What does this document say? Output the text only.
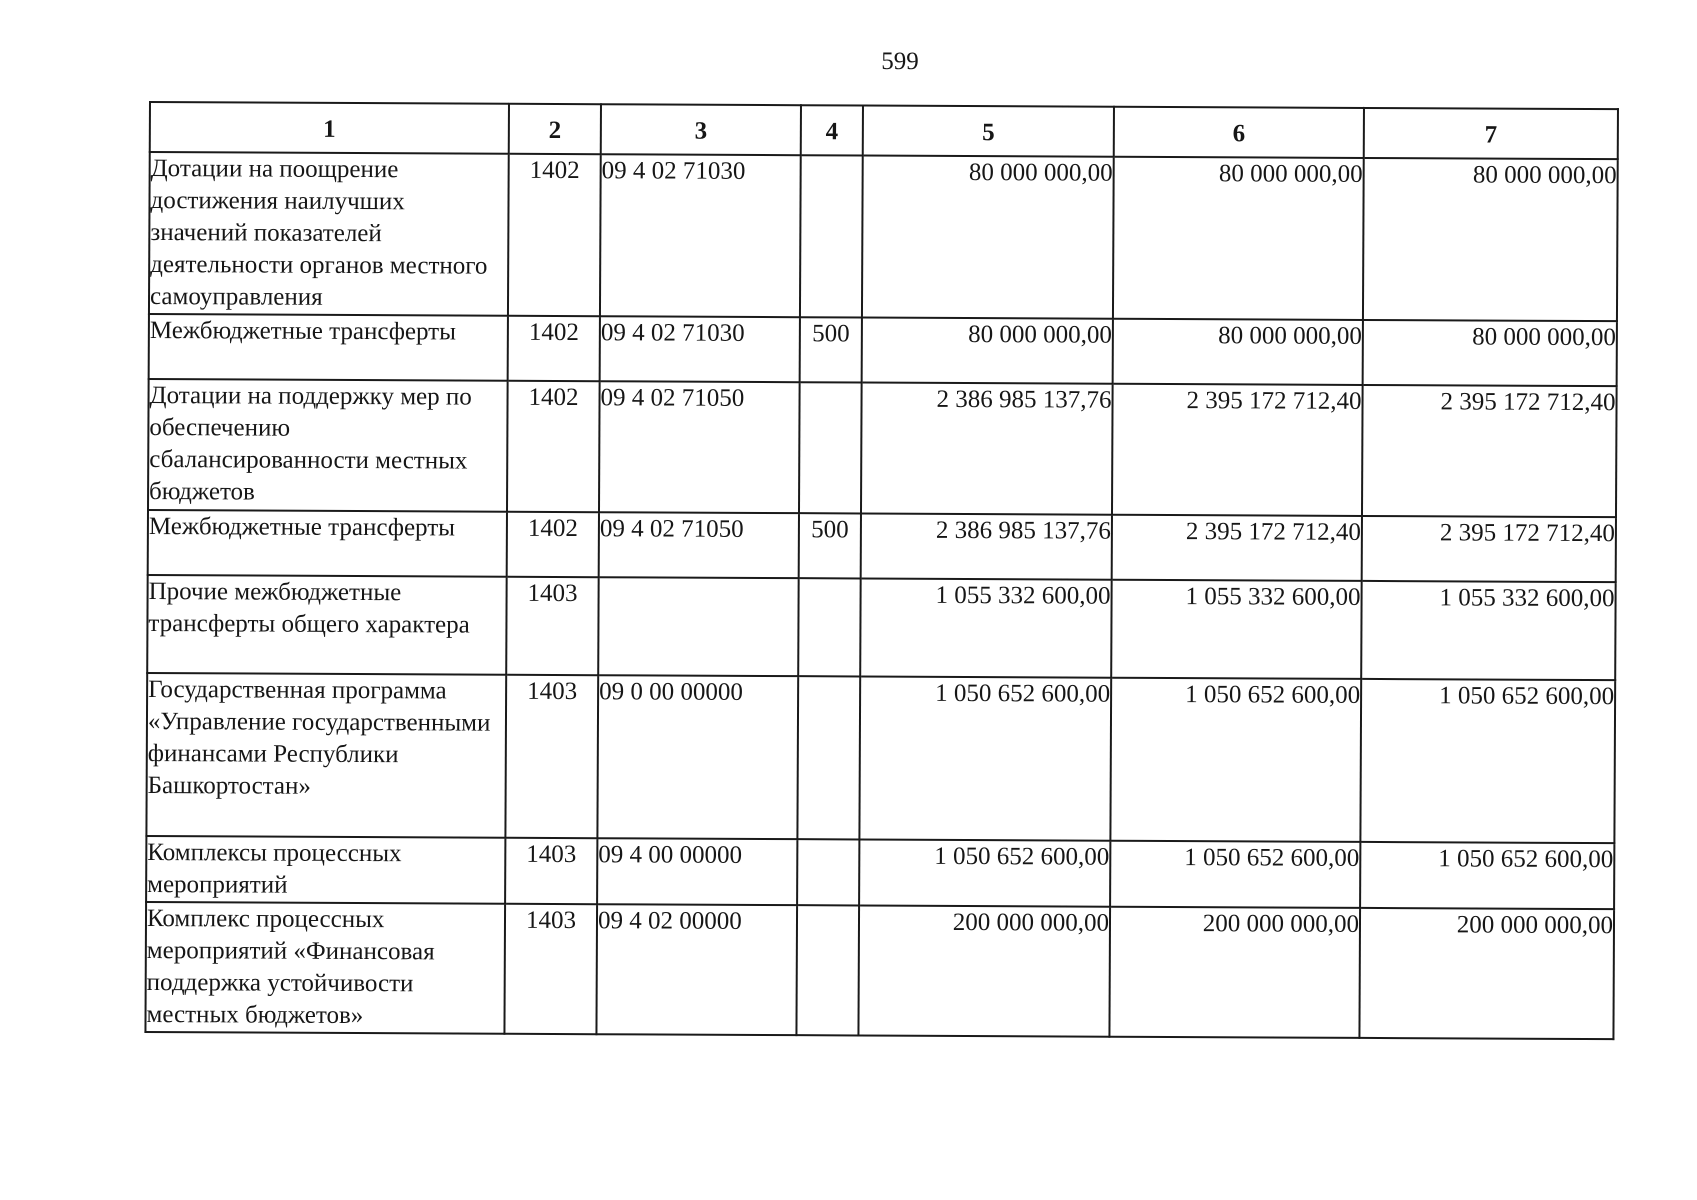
599
1	2	3	4	5	6	7
Дотации на поощрение достижения наилучших значений показателей деятельности органов местного самоуправления	1402	09 4 02 71030		80 000 000,00	80 000 000,00	80 000 000,00
Межбюджетные трансферты	1402	09 4 02 71030	500	80 000 000,00	80 000 000,00	80 000 000,00
Дотации на поддержку мер по обеспечению сбалансированности местных бюджетов	1402	09 4 02 71050		2 386 985 137,76	2 395 172 712,40	2 395 172 712,40
Межбюджетные трансферты	1402	09 4 02 71050	500	2 386 985 137,76	2 395 172 712,40	2 395 172 712,40
Прочие межбюджетные трансферты общего характера	1403			1 055 332 600,00	1 055 332 600,00	1 055 332 600,00
Государственная программа «Управление государственными финансами Республики Башкортостан»	1403	09 0 00 00000		1 050 652 600,00	1 050 652 600,00	1 050 652 600,00
Комплексы процессных мероприятий	1403	09 4 00 00000		1 050 652 600,00	1 050 652 600,00	1 050 652 600,00
Комплекс процессных мероприятий «Финансовая поддержка устойчивости местных бюджетов»	1403	09 4 02 00000		200 000 000,00	200 000 000,00	200 000 000,00
